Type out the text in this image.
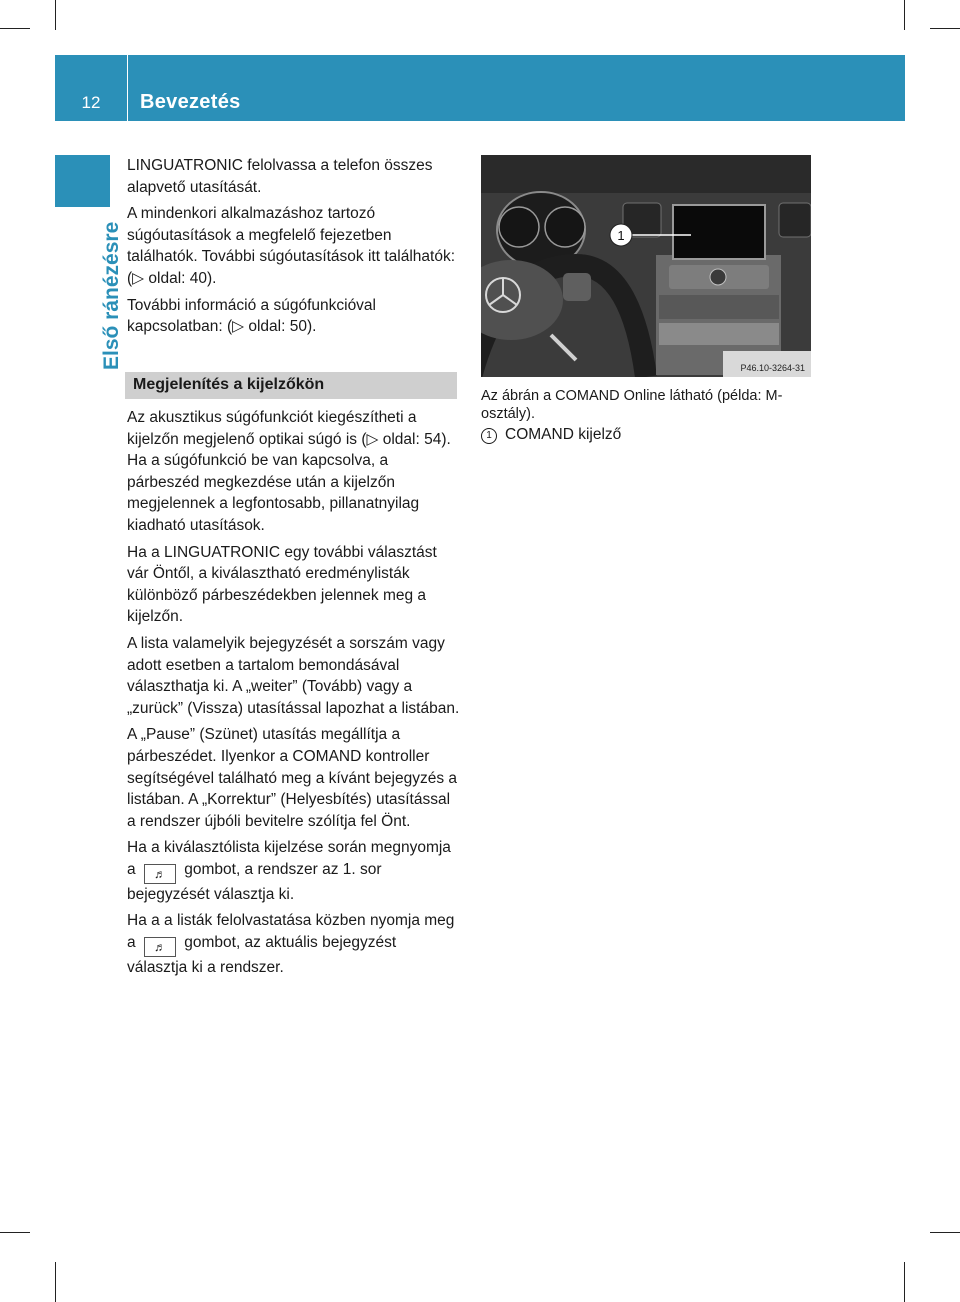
12	Bevezetés
Első ránézésre

LINGUATRONIC felolvassa a telefon összes alapvető utasítását.

A mindenkori alkalmazáshoz tartozó súgóutasítások a megfelelő fejezetben találhatók. További súgóutasítások itt találhatók: (▷ oldal: 40).

További információ a súgófunkcióval kapcsolatban: (▷ oldal: 50).

Megjelenítés a kijelzőkön

Az akusztikus súgófunkciót kiegészítheti a kijelzőn megjelenő optikai súgó is (▷ oldal: 54). Ha a súgófunkció be van kapcsolva, a párbeszéd megkezdése után a kijelzőn megjelennek a legfontosabb, pillanatnyilag kiadható utasítások.

Ha a LINGUATRONIC egy további választást vár Öntől, a kiválasztható eredménylisták különböző párbeszédekben jelennek meg a kijelzőn.

A lista valamelyik bejegyzését a sorszám vagy adott esetben a tartalom bemondásával választhatja ki. A „weiter” (Tovább) vagy a „zurück” (Vissza) utasítással lapozhat a listában.

A „Pause” (Szünet) utasítás megállítja a párbeszédet. Ilyenkor a COMAND kontroller segítségével található meg a kívánt bejegyzés a listában. A „Korrektur” (Helyesbítés) utasítással a rendszer újbóli bevitelre szólítja fel Önt.

Ha a kiválasztólista kijelzése során megnyomja a ♬ gombot, a rendszer az 1. sor bejegyzését választja ki.

Ha a a listák felolvastatása közben nyomja meg a ♬ gombot, az aktuális bejegyzést választja ki a rendszer.

1
P46.10-3264-31
Az ábrán a COMAND Online látható (példa: M-osztály).
1 COMAND kijelző
